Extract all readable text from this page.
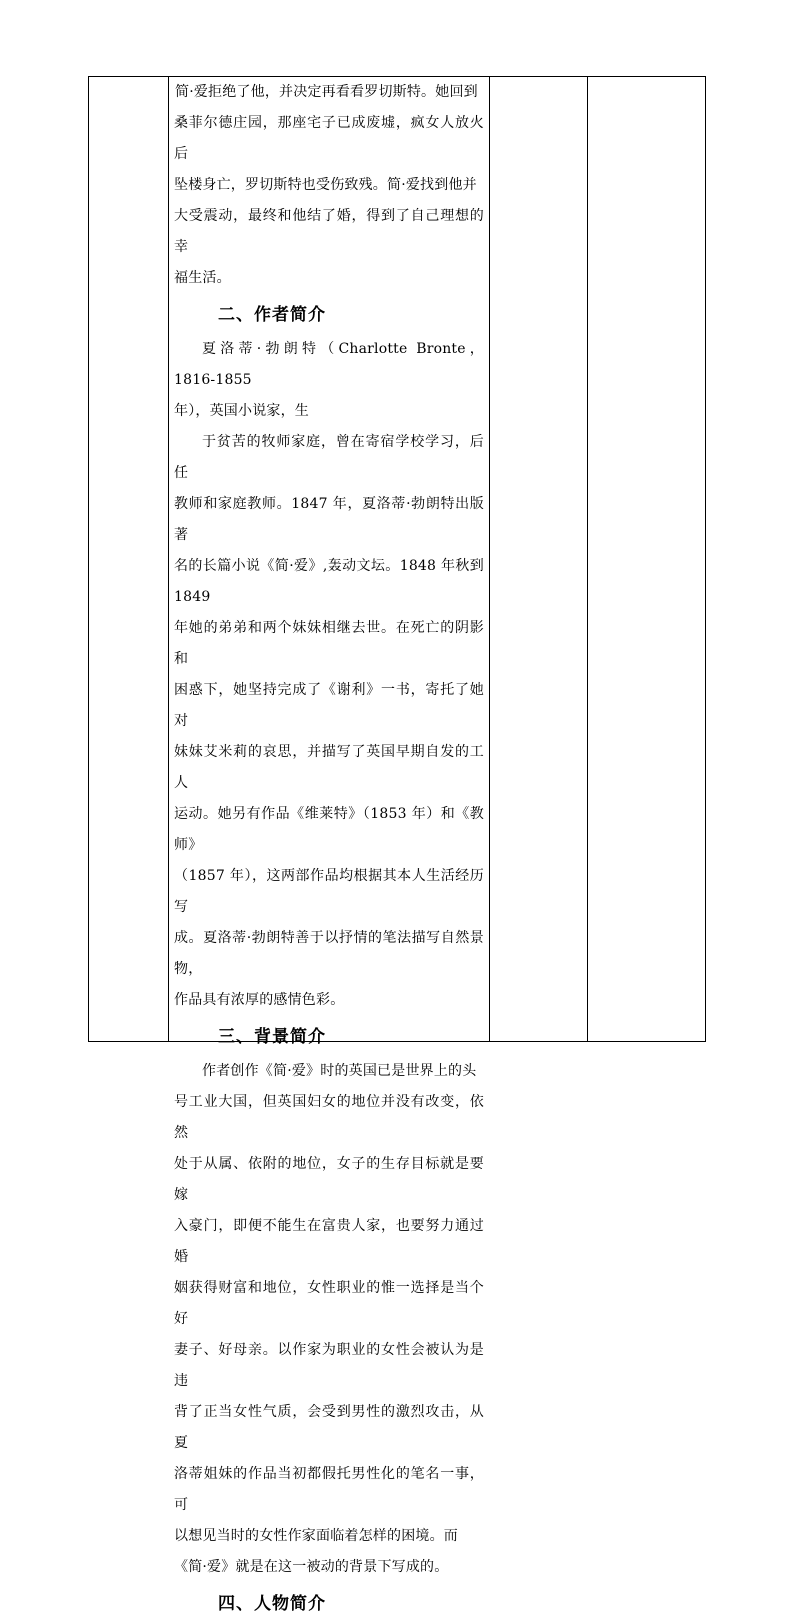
简·爱拒绝了他，并决定再看看罗切斯特。她回到

桑菲尔德庄园，那座宅子已成废墟，疯女人放火后

坠楼身亡，罗切斯特也受伤致残。简·爱找到他并

大受震动，最终和他结了婚，得到了自己理想的幸

福生活。

二、作者简介

夏洛蒂·勃朗特（Charlotte Bronte，1816-1855

年），英国小说家，生

于贫苦的牧师家庭，曾在寄宿学校学习，后任

教师和家庭教师。1847 年，夏洛蒂·勃朗特出版著

名的长篇小说《简·爱》,轰动文坛。1848 年秋到 1849

年她的弟弟和两个妹妹相继去世。在死亡的阴影和

困惑下，她坚持完成了《谢利》一书，寄托了她对

妹妹艾米莉的哀思，并描写了英国早期自发的工人

运动。她另有作品《维莱特》（1853 年）和《教师》

（1857 年），这两部作品均根据其本人生活经历写

成。夏洛蒂·勃朗特善于以抒情的笔法描写自然景物，

作品具有浓厚的感情色彩。

三、背景简介

作者创作《简·爱》时的英国已是世界上的头

号工业大国，但英国妇女的地位并没有改变，依然

处于从属、依附的地位，女子的生存目标就是要嫁

入豪门，即便不能生在富贵人家，也要努力通过婚

姻获得财富和地位，女性职业的惟一选择是当个好

妻子、好母亲。以作家为职业的女性会被认为是违

背了正当女性气质，会受到男性的激烈攻击，从夏

洛蒂姐妹的作品当初都假托男性化的笔名一事，可

以想见当时的女性作家面临着怎样的困境。而

《简·爱》就是在这一被动的背景下写成的。

四、人物简介
